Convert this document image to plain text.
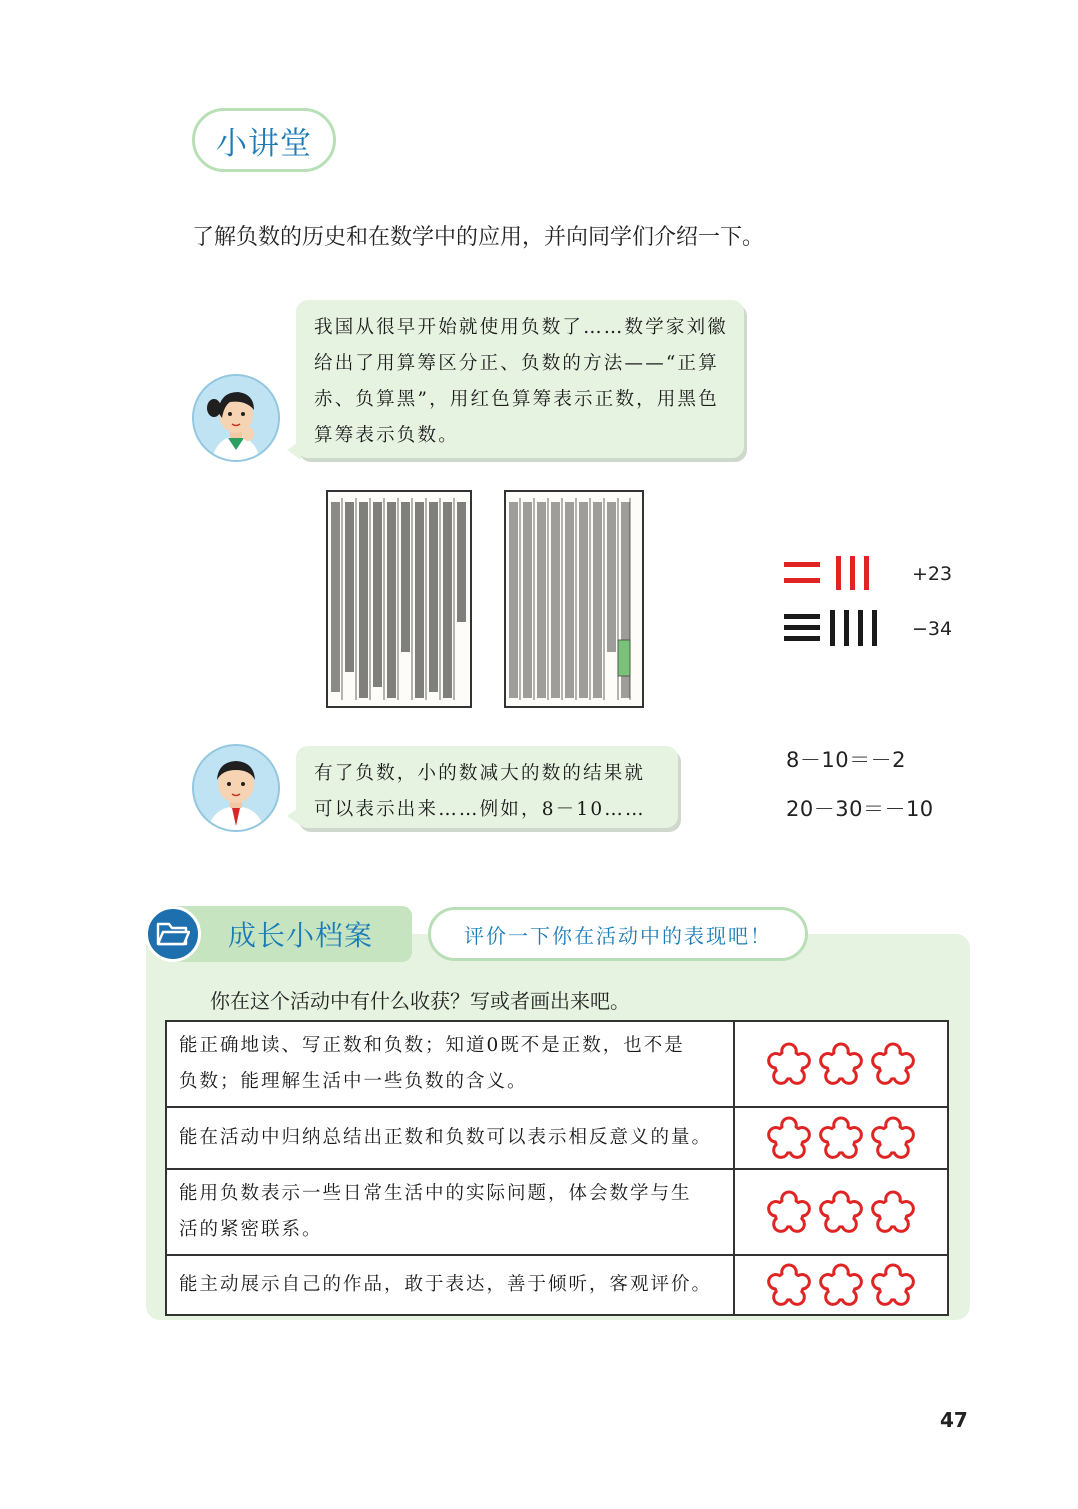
小讲堂
了解负数的历史和在数学中的应用，并向同学们介绍一下。
我国从很早开始就使用负数了……数学家刘徽
给出了用算筹区分正、负数的方法——“正算
赤、负算黑”，用红色算筹表示正数，用黑色
算筹表示负数。
+23
−34
有了负数，小的数减大的数的结果就
可以表示出来……例如，8－10……
8－10＝－2
20－30＝－10
成长小档案	评价一下你在活动中的表现吧！
你在这个活动中有什么收获？写或者画出来吧。
能正确地读、写正数和负数；知道0既不是正数，也不是
负数；能理解生活中一些负数的含义。

能在活动中归纳总结出正数和负数可以表示相反意义的量。

能用负数表示一些日常生活中的实际问题，体会数学与生
活的紧密联系。

能主动展示自己的作品，敢于表达，善于倾听，客观评价。

47
